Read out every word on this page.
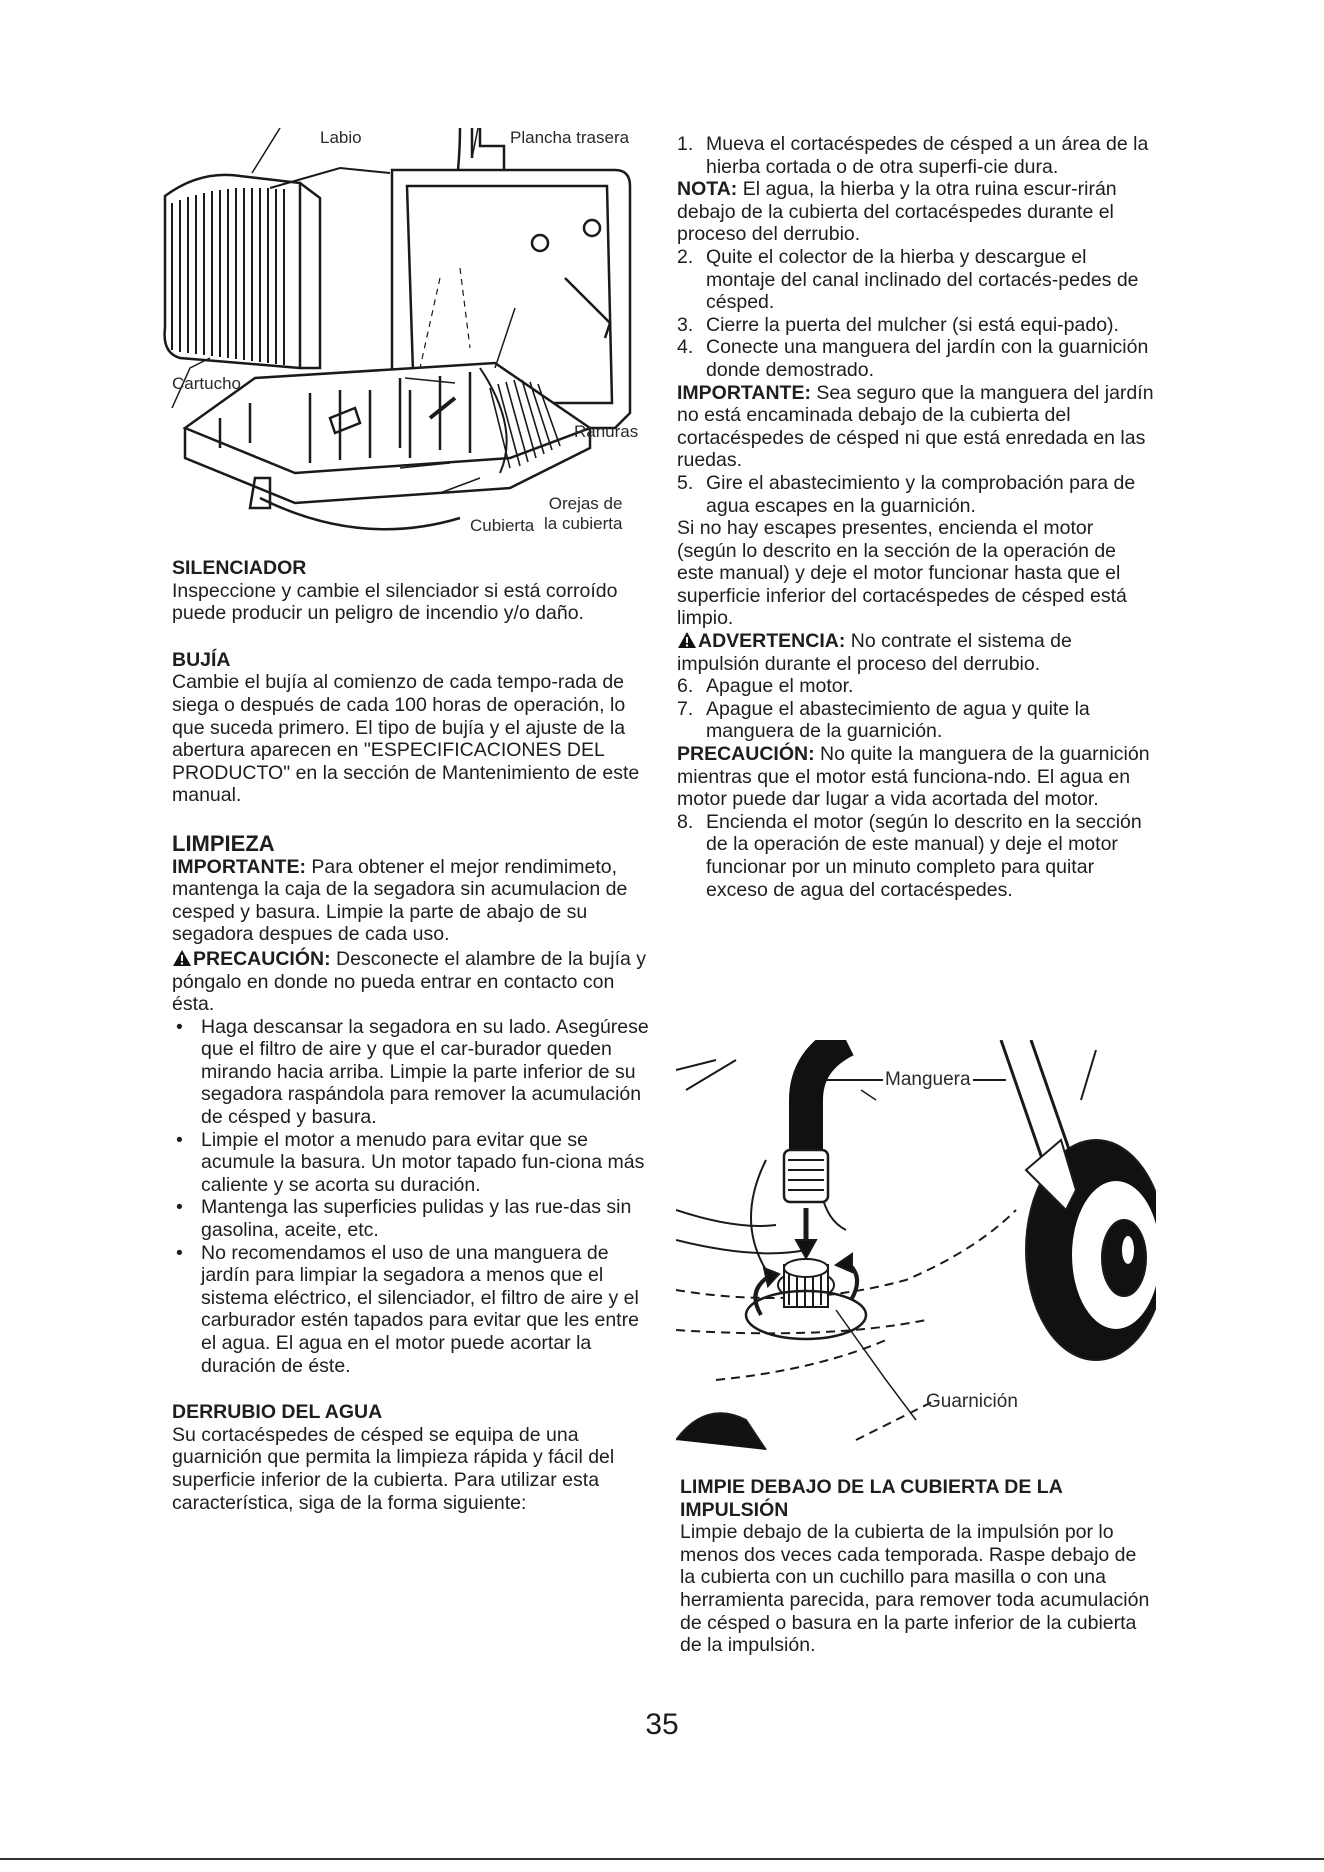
Labio	Plancha trasera
Cartucho
Ranuras
Cubierta
Orejas de
la cubierta

SILENCIADOR

Inspeccione y cambie el silenciador si está corroído puede producir un peligro de incendio y/o daño.

BUJÍA

Cambie el bujía al comienzo de cada tempo-rada de siega o después de cada 100 horas de operación, lo que suceda primero. El tipo de bujía y el ajuste de la abertura aparecen en "ESPECIFICACIONES DEL PRODUCTO" en la sección de Mantenimiento de este manual.

LIMPIEZA

IMPORTANTE: Para obtener el mejor rendimimeto, mantenga la caja de la segadora sin acumulacion de cesped y basura. Limpie la parte de abajo de su segadora despues de cada uso.

PRECAUCIÓN: Desconecte el alambre de la bujía y póngalo en donde no pueda entrar en contacto con ésta.

• Haga descansar la segadora en su lado. Asegúrese que el filtro de aire y que el car-burador queden mirando hacia arriba. Limpie la parte inferior de su segadora raspándola para remover la acumulación de césped y basura.
• Limpie el motor a menudo para evitar que se acumule la basura. Un motor tapado fun-ciona más caliente y se acorta su duración.
• Mantenga las superficies pulidas y las rue-das sin gasolina, aceite, etc.
• No recomendamos el uso de una manguera de jardín para limpiar la segadora a menos que el sistema eléctrico, el silenciador, el filtro de aire y el carburador estén tapados para evitar que les entre el agua. El agua en el motor puede acortar la duración de éste.

DERRUBIO DEL AGUA

Su cortacéspedes de césped se equipa de una guarnición que permita la limpieza rápida y fácil del superficie inferior de la cubierta. Para utilizar esta característica, siga de la forma siguiente:

1. Mueva el cortacéspedes de césped a un área de la hierba cortada o de otra superfi-cie dura.

NOTA: El agua, la hierba y la otra ruina escur-rirán debajo de la cubierta del cortacéspedes durante el proceso del derrubio.

2. Quite el colector de la hierba y descargue el montaje del canal inclinado del cortacés-pedes de césped.
3. Cierre la puerta del mulcher (si está equi-pado).
4. Conecte una manguera del jardín con la guarnición donde demostrado.

IMPORTANTE: Sea seguro que la manguera del jardín no está encaminada debajo de la cubierta del cortacéspedes de césped ni que está enredada en las ruedas.

5. Gire el abastecimiento y la comprobación para de agua escapes en la guarnición.

Si no hay escapes presentes, encienda el motor (según lo descrito en la sección de la operación de este manual) y deje el motor funcionar hasta que el superficie inferior del cortacéspedes de césped está limpio.

ADVERTENCIA: No contrate el sistema de impulsión durante el proceso del derrubio.

6. Apague el motor.
7. Apague el abastecimiento de agua y quite la manguera de la guarnición.

PRECAUCIÓN: No quite la manguera de la guarnición mientras que el motor está funciona-ndo. El agua en motor puede dar lugar a vida acortada del motor.

8. Encienda el motor (según lo descrito en la sección de la operación de este manual) y deje el motor funcionar por un minuto completo para quitar exceso de agua del cortacéspedes.
Manguera
Guarnición

LIMPIE DEBAJO DE LA CUBIERTA DE LA IMPULSIÓN

Limpie debajo de la cubierta de la impulsión por lo menos dos veces cada temporada. Raspe debajo de la cubierta con un cuchillo para masilla o con una herramienta parecida, para remover toda acumulación de césped o basura en la parte inferior de la cubierta de la impulsión.

35
